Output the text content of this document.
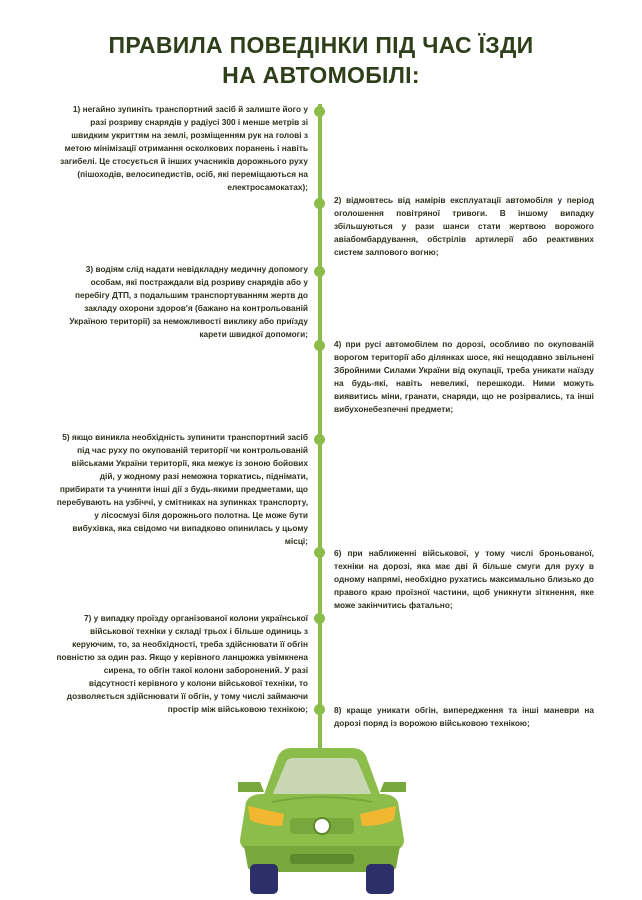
ПРАВИЛА ПОВЕДІНКИ ПІД ЧАС ЇЗДИ
НА АВТОМОБІЛІ:
1) негайно зупиніть транспортний засіб й залиште його у разі розриву снарядів у радіусі 300 і менше метрів зі швидким укриттям на землі, розміщенням рук на голові з метою мінімізації отримання осколкових поранень і навіть загибелі. Це стосується й інших учасників дорожнього руху (пішоходів, велосипедистів, осіб, які переміщаються на електросамокатах);
2) відмовтесь від намірів експлуатації автомобіля у період оголошення повітряної тривоги. В іншому випадку збільшуються у рази шанси стати жертвою ворожого авіабомбардування, обстрілів артилерії або реактивних систем залпового вогню;
3) водіям слід надати невідкладну медичну допомогу особам, які постраждали від розриву снарядів або у перебігу ДТП, з подальшим транспортуванням жертв до закладу охорони здоров'я (бажано на контрольованій Україною території) за неможливості виклику або приїзду карети швидкої допомоги;
4) при русі автомобілем по дорозі, особливо по окупованій ворогом території або ділянках шосе, які нещодавно звільнені Збройними Силами України від окупації, треба уникати наїзду на будь-які, навіть невеликі, перешкоди. Ними можуть виявитись міни, гранати, снаряди, що не розірвались, та інші вибухонебезпечні предмети;
5) якщо виникла необхідність зупинити транспортний засіб під час руху по окупованій території чи контрольованій військами України території, яка межує із зоною бойових дій, у жодному разі неможна торкатись, піднімати, прибирати та учиняти інші дії з будь-якими предметами, що перебувають на узбіччі, у смітниках на зупинках транспорту, у лісосмузі біля дорожнього полотна. Це може бути вибухівка, яка свідомо чи випадково опинилась у цьому місці;
6) при наближенні військової, у тому числі броньованої, техніки на дорозі, яка має дві й більше смуги для руху в одному напрямі, необхідно рухатись максимально близько до правого краю проїзної частини, щоб уникнути зіткнення, яке може закінчитись фатально;
7) у випадку проїзду організованої колони української військової техніки у складі трьох і більше одиниць з керуючим, то, за необхідності, треба здійснювати її обгін повністю за один раз. Якщо у керівного ланцюжка увімкнена сирена, то обгін такої колони заборонений. У разі відсутності керівного у колони військової техніки, то дозволяється здійснювати її обгін, у тому числі займаючи простір між військовою технікою;	8) краще уникати обгін, випередження та інші маневри на дорозі поряд із ворожою військовою технікою;
